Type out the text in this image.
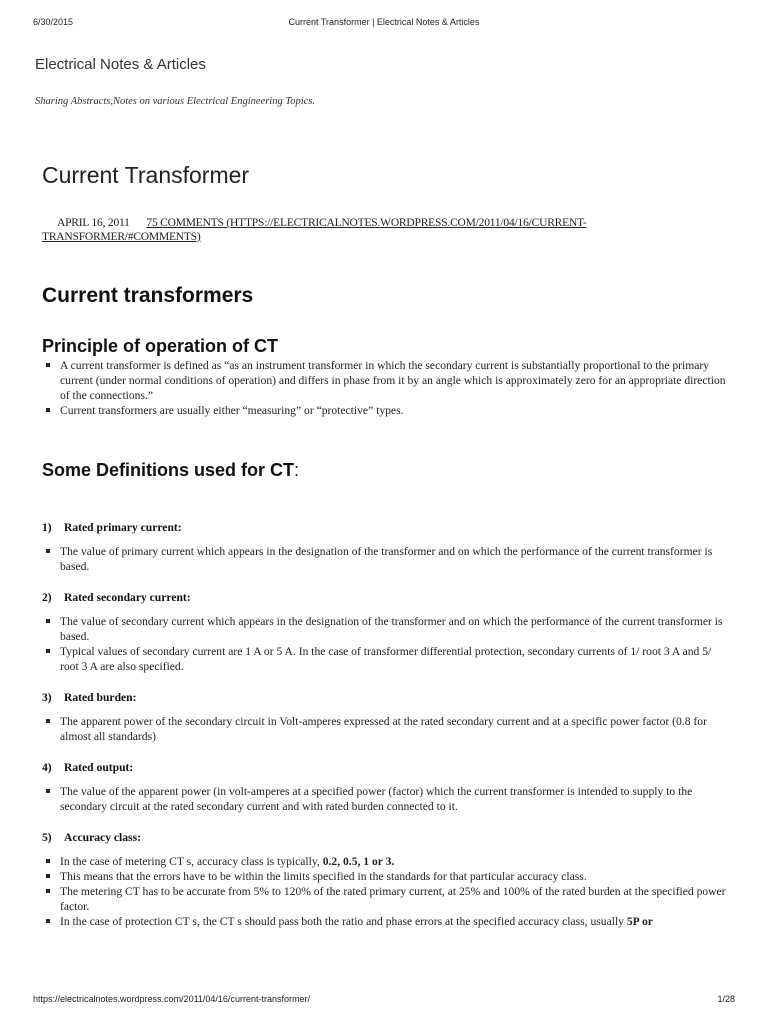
6/30/2015	Current Transformer | Electrical Notes & Articles
Electrical Notes & Articles

Sharing Abstracts,Notes on various Electrical Engineering Topics.

Current Transformer
APRIL 16, 2011 75 COMMENTS (HTTPS://ELECTRICALNOTES.WORDPRESS.COM/2011/04/16/CURRENT-TRANSFORMER/#COMMENTS)
Current transformers
Principle of operation of CT
A current transformer is defined as “as an instrument transformer in which the secondary current is substantially proportional to the primary current (under normal conditions of operation) and differs in phase from it by an angle which is approximately zero for an appropriate direction of the connections.”
Current transformers are usually either “measuring” or “protective” types.
Some Definitions used for CT:
1) Rated primary current:
The value of primary current which appears in the designation of the transformer and on which the performance of the current transformer is based.
2) Rated secondary current:
The value of secondary current which appears in the designation of the transformer and on which the performance of the current transformer is based.
Typical values of secondary current are 1 A or 5 A. In the case of transformer differential protection, secondary currents of 1/ root 3 A and 5/ root 3 A are also specified.
3) Rated burden:
The apparent power of the secondary circuit in Volt-amperes expressed at the rated secondary current and at a specific power factor (0.8 for almost all standards)
4) Rated output:
The value of the apparent power (in volt-amperes at a specified power (factor) which the current transformer is intended to supply to the secondary circuit at the rated secondary current and with rated burden connected to it.
5) Accuracy class:
In the case of metering CT s, accuracy class is typically, 0.2, 0.5, 1 or 3.
This means that the errors have to be within the limits specified in the standards for that particular accuracy class.
The metering CT has to be accurate from 5% to 120% of the rated primary current, at 25% and 100% of the rated burden at the specified power factor.
In the case of protection CT s, the CT s should pass both the ratio and phase errors at the specified accuracy class, usually 5P or
https://electricalnotes.wordpress.com/2011/04/16/current-transformer/	1/28
